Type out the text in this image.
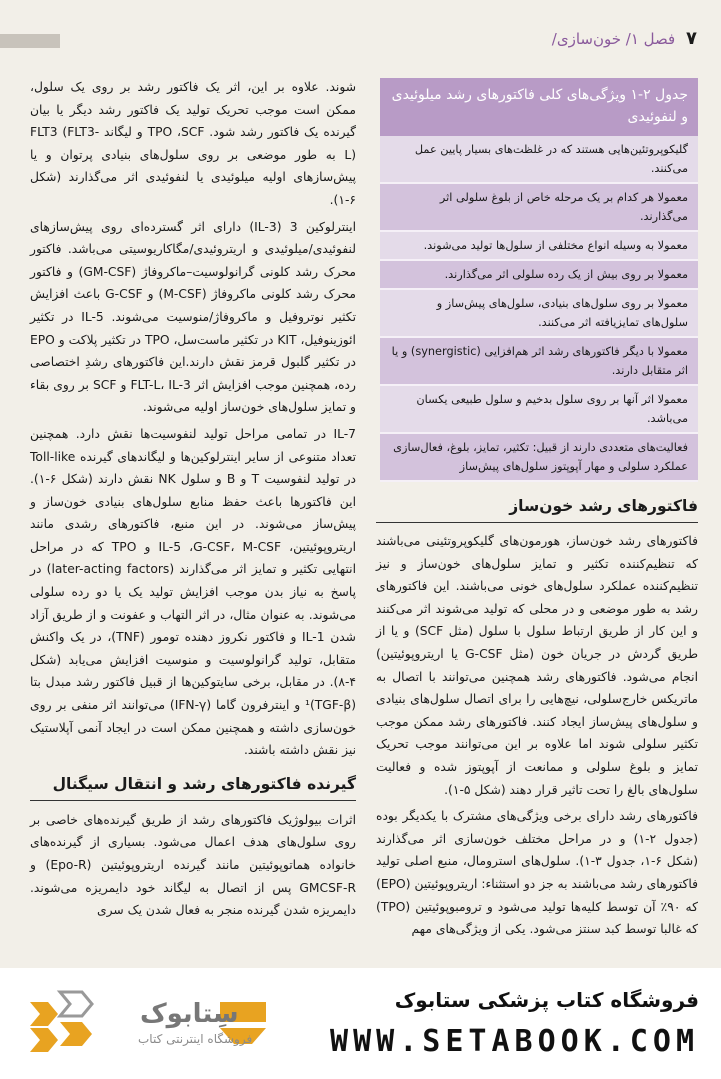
۷ فصل ۱/ خون‌سازی/

شوند. علاوه بر این، اثر یک فاکتور رشد بر روی یک سلول، ممکن است موجب تحریک تولید یک فاکتور رشد دیگر یا بیان گیرنده یک فاکتور رشد شود. TPO ،SCF و لیگاند FLT3 (FLT3-L) به طور موضعی بر روی سلول‌های بنیادی پرتوان و یا پیش‌سازهای اولیه میلوئیدی یا لنفوئیدی اثر می‌گذارند (شکل ۶-۱).

اینترلوکین 3 (IL-3) دارای اثر گسترده‌ای روی پیش‌سازهای لنفوئیدی/میلوئیدی و اریتروئیدی/مگاکاریوسیتی می‌باشد. فاکتور محرک رشد کلونی گرانولوسیت–ماکروفاژ (GM-CSF) و فاکتور محرک رشد کلونی ماکروفاژ (M-CSF) و G-CSF باعث افزایش تکثیر نوتروفیل و ماکروفاژ/منوسیت می‌شوند. IL-5 در تکثیر ائوزینوفیل، KIT در تکثیر ماست‌سل، TPO در تکثیر پلاکت و EPO در تکثیر گلبول قرمز نقش دارند.این فاکتورهای رشدِ اختصاصی رده، همچنین موجب افزایش اثر FLT-L، IL-3 و SCF بر روی بقاء و تمایز سلول‌های خون‌ساز اولیه می‌شوند.

IL-7 در تمامی مراحل تولید لنفوسیت‌ها نقش دارد. همچنین تعداد متنوعی از سایر اینترلوکین‌ها و لیگاندهای گیرنده Toll-like در تولید لنفوسیت T و B و سلول NK نقش دارند (شکل ۶-۱). این فاکتورها باعث حفظ منابع سلول‌های بنیادی خون‌ساز و پیش‌ساز می‌شوند. در این منبع، فاکتورهای رشدی مانند اریتروپوئیتین، IL-5 ،G-CSF، M-CSF و TPO که در مراحل انتهایی تکثیر و تمایز اثر می‌گذارند (later-acting factors) در پاسخ به نیاز بدن موجب افزایش تولید یک یا دو رده سلولی می‌شوند. به عنوان مثال، در اثر التهاب و عفونت و از طریق آزاد شدن IL-1 و فاکتور نکروز دهنده تومور (TNF)، در یک واکنش متقابل، تولید گرانولوسیت و منوسیت افزایش می‌یابد (شکل ۴-۸). در مقابل، برخی سایتوکین‌ها از قبیل فاکتور رشد مبدل بتا (TGF-β)¹ و اینترفرون گاما (IFN-γ) می‌توانند اثر منفی بر روی خون‌سازی داشته و همچنین ممکن است در ایجاد آنمی آپلاستیک نیز نقش داشته باشند.

گیرنده فاکتورهای رشد و انتقال سیگنال

اثرات بیولوژیک فاکتورهای رشد از طریق گیرنده‌های خاصی بر روی سلول‌های هدف اعمال می‌شود. بسیاری از گیرنده‌های خانواده هماتوپوئیتین مانند گیرنده اریتروپوئیتین (Epo-R) و GMCSF-R پس از اتصال به لیگاند خود دایمریزه می‌شوند. دایمریزه شدن گیرنده منجر به فعال شدن یک سری

جدول ۲-۱ ویژگی‌های کلی فاکتورهای رشد میلوئیدی و لنفوئیدی
گلیکوپروتئین‌هایی هستند که در غلظت‌های بسیار پایین عمل می‌کنند.
معمولا هر کدام بر یک مرحله خاص از بلوغ سلولی اثر می‌گذارند.
معمولا به وسیله انواع مختلفی از سلول‌ها تولید می‌شوند.
معمولا بر روی بیش از یک رده سلولی اثر می‌گذارند.
معمولا بر روی سلول‌های بنیادی، سلول‌های پیش‌ساز و سلول‌های تمایزیافته اثر می‌کنند.
معمولا با دیگر فاکتورهای رشد اثر هم‌افزایی (synergistic) و یا اثر متقابل دارند.
معمولا اثر آنها بر روی سلول بدخیم و سلول طبیعی یکسان می‌باشد.
فعالیت‌های متعددی دارند از قبیل: تکثیر، تمایز، بلوغ، فعال‌سازی عملکرد سلولی و مهار آپوپتوز سلول‌های پیش‌ساز
فاکتورهای رشد خون‌ساز

فاکتورهای رشد خون‌ساز، هورمون‌های گلیکوپروتئینی می‌باشند که تنظیم‌کننده تکثیر و تمایز سلول‌های خون‌ساز و نیز تنظیم‌کننده عملکرد سلول‌های خونی می‌باشند. این فاکتورهای رشد به طور موضعی و در محلی که تولید می‌شوند اثر می‌کنند و این کار از طریق ارتباط سلول با سلول (مثل SCF) و یا از طریق گردش در جریان خون (مثل G-CSF یا اریتروپوئیتین) انجام می‌شود. فاکتورهای رشد همچنین می‌توانند با اتصال به ماتریکس خارج‌سلولی، نیچ‌هایی را برای اتصال سلول‌های بنیادی و سلول‌های پیش‌ساز ایجاد کنند. فاکتورهای رشد ممکن موجب تکثیر سلولی شوند اما علاوه بر این می‌توانند موجب تحریک تمایز و بلوغ سلولی و ممانعت از آپوپتوز شده و فعالیت سلول‌های بالغ را تحت تاثیر قرار دهند (شکل ۵-۱).

فاکتورهای رشد دارای برخی ویژگی‌های مشترک با یکدیگر بوده (جدول ۲-۱) و در مراحل مختلف خون‌سازی اثر می‌گذارند (شکل ۶-۱، جدول ۳-۱). سلول‌های استرومال، منبع اصلی تولید فاکتورهای رشد می‌باشند به جز دو استثناء: اریتروپوئیتین (EPO) که ۹۰٪ آن توسط کلیه‌ها تولید می‌شود و ترومبوپوئیتین (TPO) که غالبا توسط کبد سنتز می‌شود. یکی از ویژگی‌های مهم

سِتابوک
فروشگاه اینترنتی کتاب
فروشگاه کتاب پزشکی ستابوک
WWW.SETABOOK.COM
